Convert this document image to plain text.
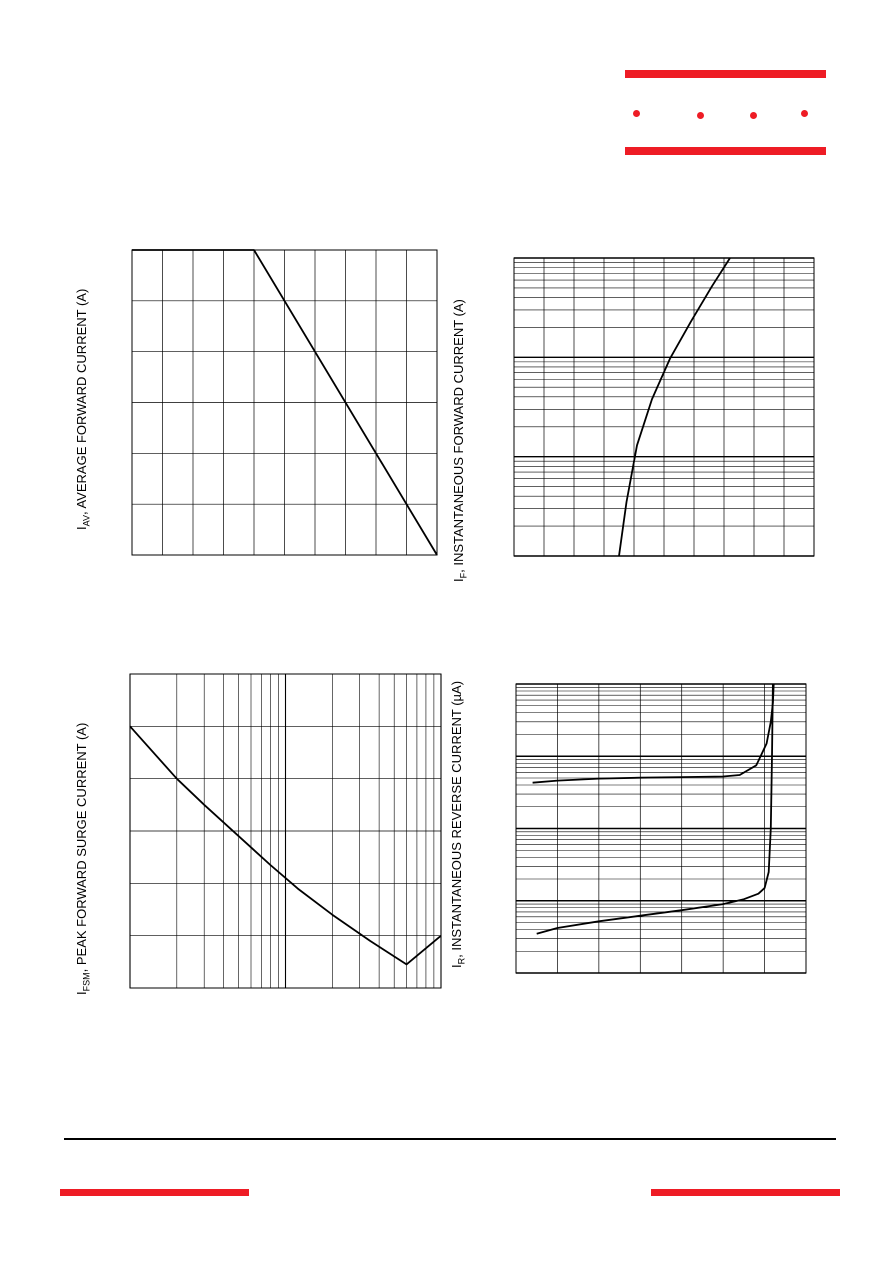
$I_{AV}$, AVERAGE FORWARD CURRENT (A)
$I_F$, INSTANTANEOUS FORWARD CURRENT (A)
$I_{FSM}$, PEAK FORWARD SURGE CURRENT (A)	$I_R$, INSTANTANEOUS REVERSE CURRENT (µA)
